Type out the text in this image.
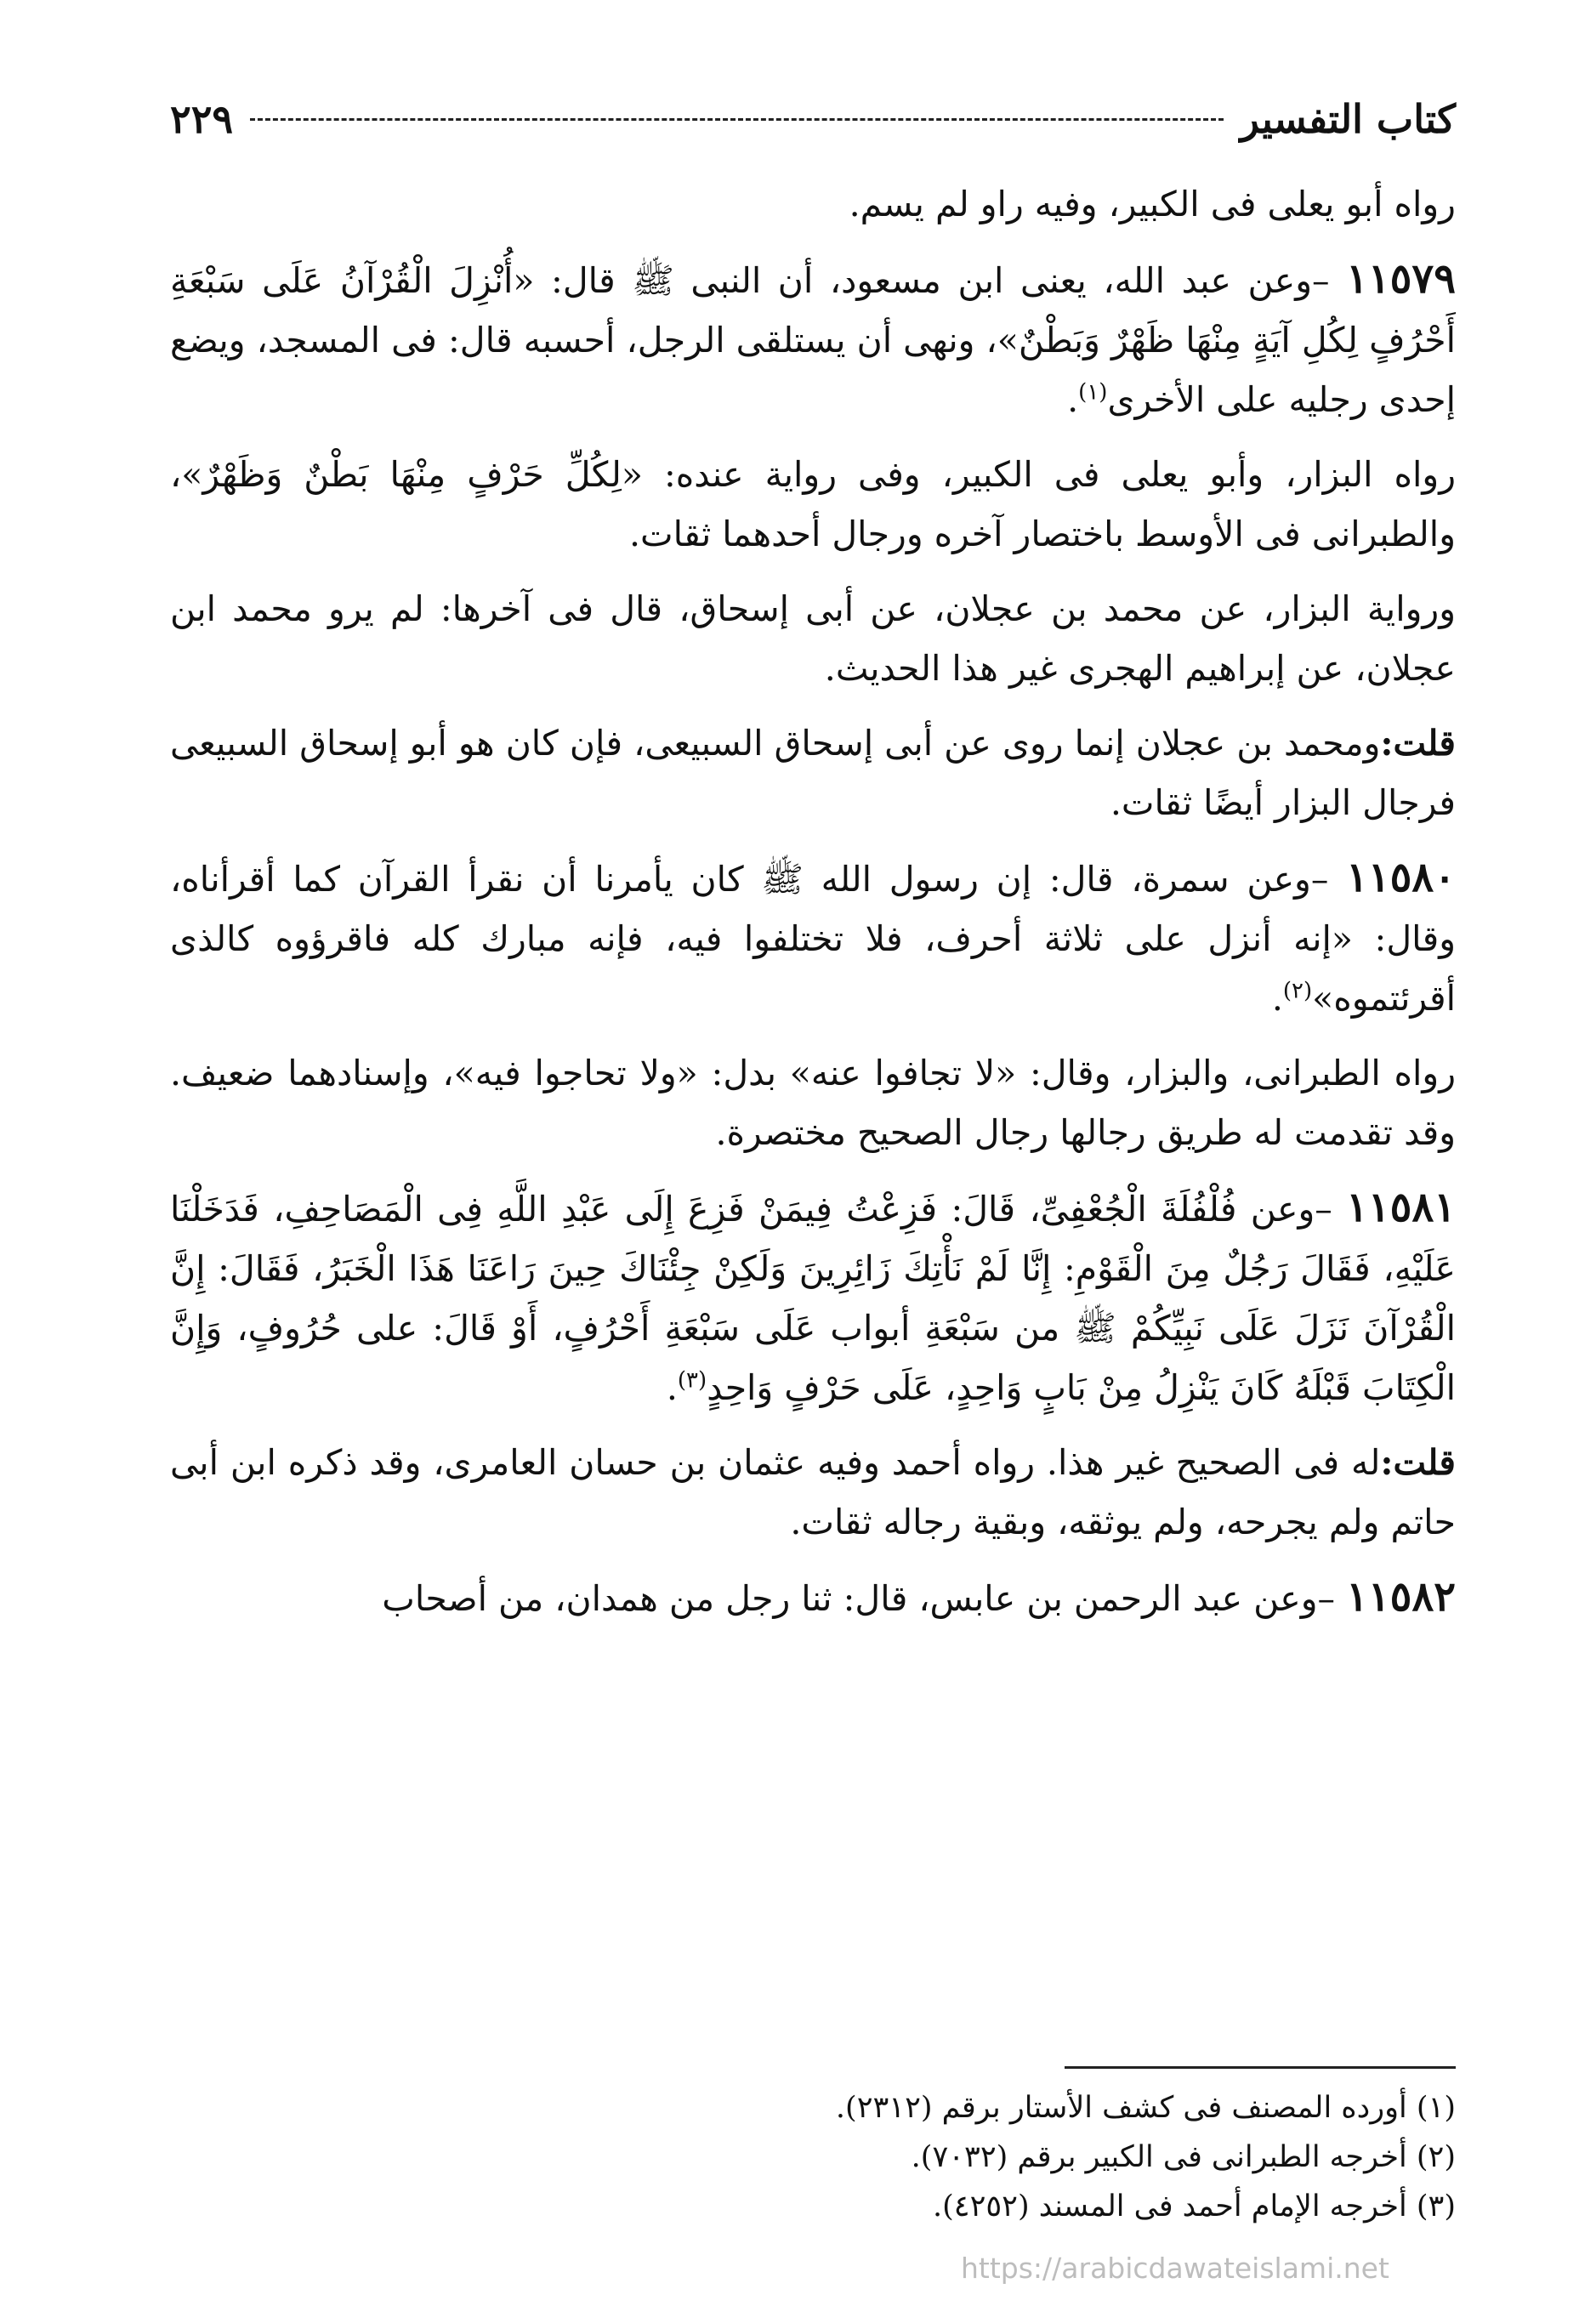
كتاب التفسير
٢٢٩

رواه أبو يعلى فى الكبير، وفيه راو لم يسم.

١١٥٧٩ –وعن عبد الله، يعنى ابن مسعود، أن النبى ﷺ قال: «أُنْزِلَ الْقُرْآنُ عَلَى سَبْعَةِ أَحْرُفٍ لِكُلِ آيَةٍ مِنْهَا ظَهْرٌ وَبَطْنٌ»، ونهى أن يستلقى الرجل، أحسبه قال: فى المسجد، ويضع إحدى رجليه على الأخرى$^{(١)}$.

رواه البزار، وأبو يعلى فى الكبير، وفى رواية عنده: «لِكُلِّ حَرْفٍ مِنْهَا بَطْنٌ وَظَهْرٌ»، والطبرانى فى الأوسط باختصار آخره ورجال أحدهما ثقات.

ورواية البزار، عن محمد بن عجلان، عن أبى إسحاق، قال فى آخرها: لم يرو محمد ابن عجلان، عن إبراهيم الهجرى غير هذا الحديث.

قلت:ومحمد بن عجلان إنما روى عن أبى إسحاق السبيعى، فإن كان هو أبو إسحاق السبيعى فرجال البزار أيضًا ثقات.

١١٥٨٠ –وعن سمرة، قال: إن رسول الله ﷺ كان يأمرنا أن نقرأ القرآن كما أقرأناه، وقال: «إنه أنزل على ثلاثة أحرف، فلا تختلفوا فيه، فإنه مبارك كله فاقرؤوه كالذى أقرئتموه»$^{(٢)}$.

رواه الطبرانى، والبزار، وقال: «لا تجافوا عنه» بدل: «ولا تحاجوا فيه»، وإسنادهما ضعيف. وقد تقدمت له طريق رجالها رجال الصحيح مختصرة.

١١٥٨١ –وعن فُلْفُلَةَ الْجُعْفِىِّ، قَالَ: فَزِعْتُ فِيمَنْ فَزِعَ إِلَى عَبْدِ اللَّهِ فِى الْمَصَاحِفِ، فَدَخَلْنَا عَلَيْهِ، فَقَالَ رَجُلٌ مِنَ الْقَوْمِ: إِنَّا لَمْ نَأْتِكَ زَائِرِينَ وَلَكِنْ جِئْنَاكَ حِينَ رَاعَنَا هَذَا الْخَبَرُ، فَقَالَ: إِنَّ الْقُرْآنَ نَزَلَ عَلَى نَبِيِّكُمْ ﷺ من سَبْعَةِ أبواب عَلَى سَبْعَةِ أَحْرُفٍ، أَوْ قَالَ: على حُرُوفٍ، وَإِنَّ الْكِتَابَ قَبْلَهُ كَانَ يَنْزِلُ مِنْ بَابٍ وَاحِدٍ، عَلَى حَرْفٍ وَاحِدٍ$^{(٣)}$.

قلت:له فى الصحيح غير هذا. رواه أحمد وفيه عثمان بن حسان العامرى، وقد ذكره ابن أبى حاتم ولم يجرحه، ولم يوثقه، وبقية رجاله ثقات.

١١٥٨٢ –وعن عبد الرحمن بن عابس، قال: ثنا رجل من همدان، من أصحاب

(١) أورده المصنف فى كشف الأستار برقم (٢٣١٢).
(٢) أخرجه الطبرانى فى الكبير برقم (٧٠٣٢).
(٣) أخرجه الإمام أحمد فى المسند (٤٢٥٢).
https://arabicdawateislami.net
